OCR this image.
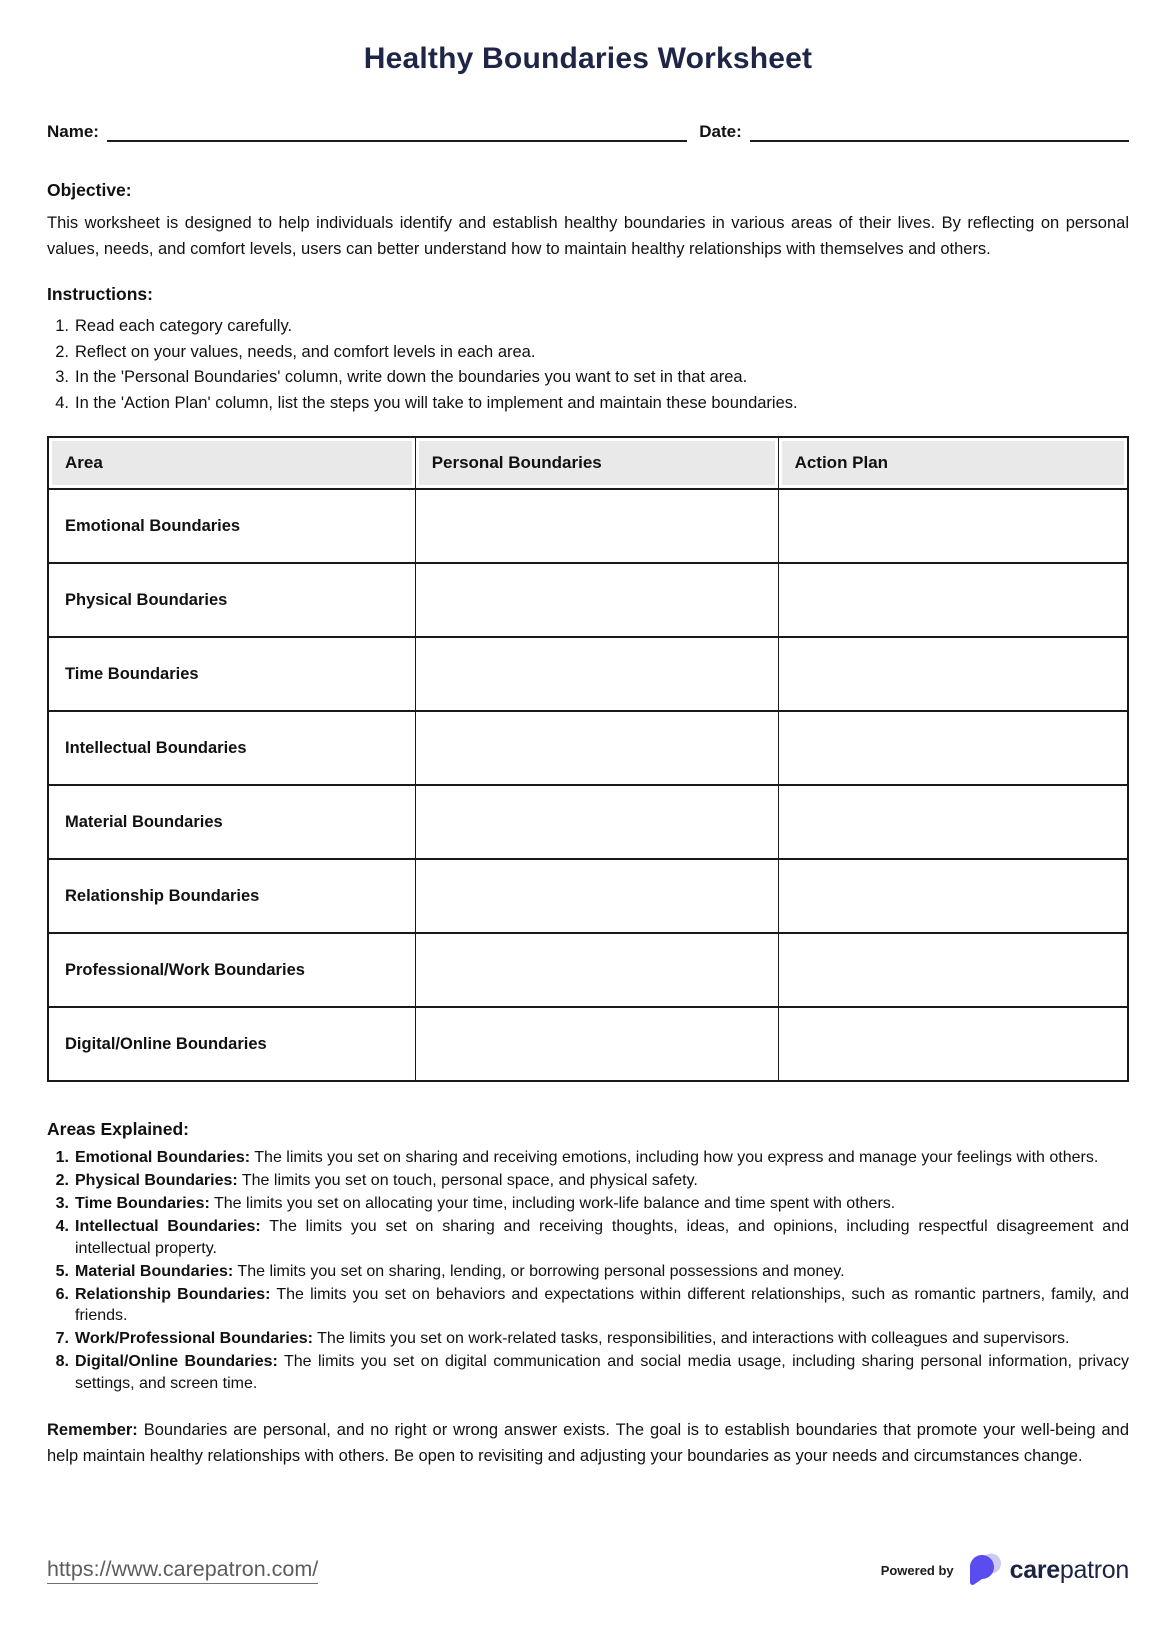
Healthy Boundaries Worksheet
Name:	Date:
Objective:

This worksheet is designed to help individuals identify and establish healthy boundaries in various areas of their lives. By reflecting on personal values, needs, and comfort levels, users can better understand how to maintain healthy relationships with themselves and others.

Instructions:
1. Read each category carefully.
2. Reflect on your values, needs, and comfort levels in each area.
3. In the 'Personal Boundaries' column, write down the boundaries you want to set in that area.
4. In the 'Action Plan' column, list the steps you will take to implement and maintain these boundaries.
Area	Personal Boundaries	Action Plan
Emotional Boundaries		
Physical Boundaries		
Time Boundaries		
Intellectual Boundaries		
Material Boundaries		
Relationship Boundaries		
Professional/Work Boundaries		
Digital/Online Boundaries		
Areas Explained:
1. Emotional Boundaries: The limits you set on sharing and receiving emotions, including how you express and manage your feelings with others.
2. Physical Boundaries: The limits you set on touch, personal space, and physical safety.
3. Time Boundaries: The limits you set on allocating your time, including work-life balance and time spent with others.
4. Intellectual Boundaries: The limits you set on sharing and receiving thoughts, ideas, and opinions, including respectful disagreement and intellectual property.
5. Material Boundaries: The limits you set on sharing, lending, or borrowing personal possessions and money.
6. Relationship Boundaries: The limits you set on behaviors and expectations within different relationships, such as romantic partners, family, and friends.
7. Work/Professional Boundaries: The limits you set on work-related tasks, responsibilities, and interactions with colleagues and supervisors.
8. Digital/Online Boundaries: The limits you set on digital communication and social media usage, including sharing personal information, privacy settings, and screen time.

Remember: Boundaries are personal, and no right or wrong answer exists. The goal is to establish boundaries that promote your well-being and help maintain healthy relationships with others. Be open to revisiting and adjusting your boundaries as your needs and circumstances change.

https://www.carepatron.com/	Powered by carepatron
